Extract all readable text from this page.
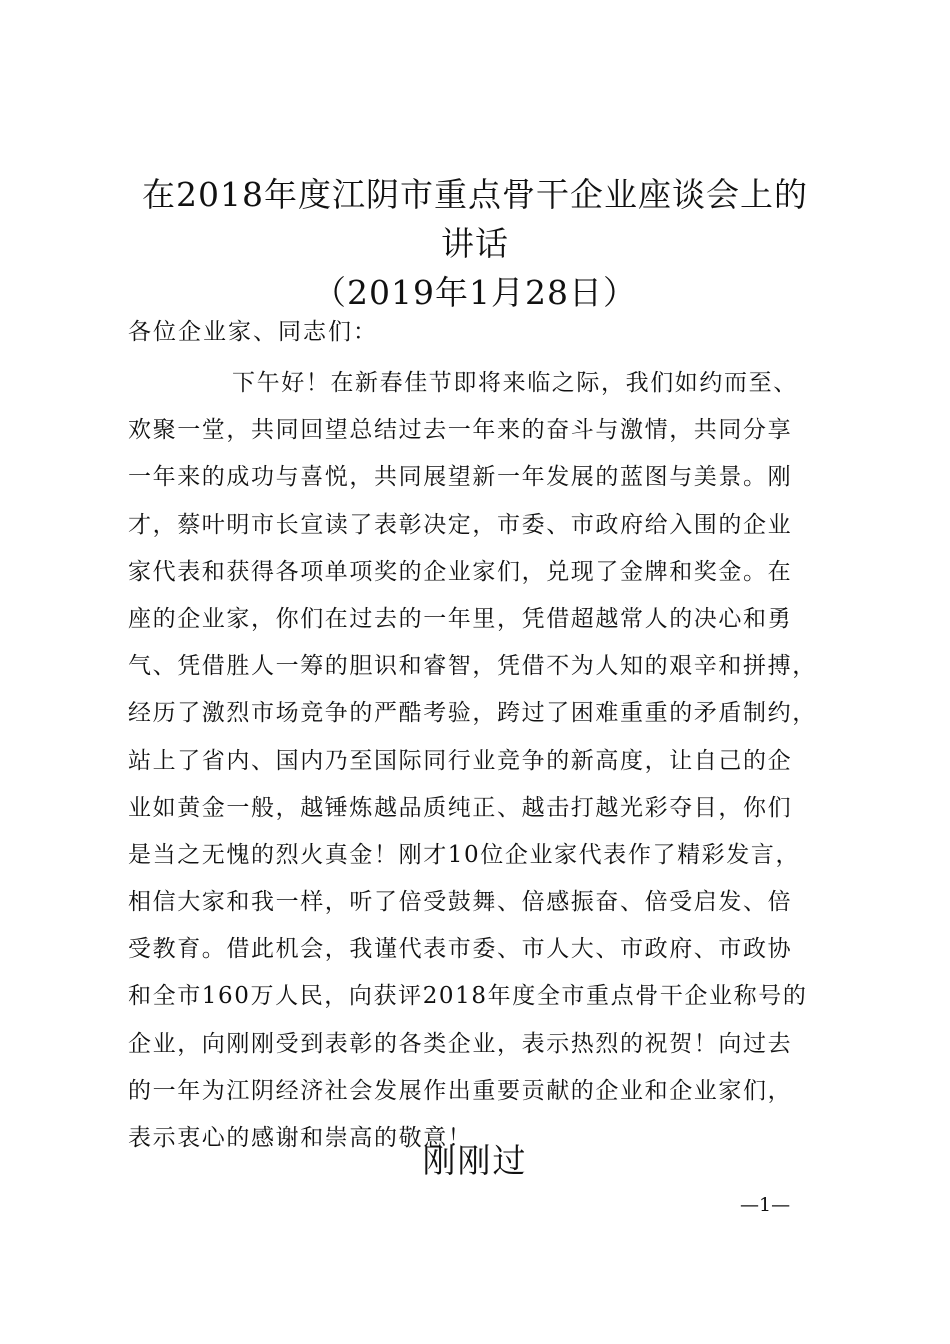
在2018年度江阴市重点骨干企业座谈会上的
讲话
（2019年1月28日）
各位企业家、同志们：
下午好！在新春佳节即将来临之际，我们如约而至、
欢聚一堂，共同回望总结过去一年来的奋斗与激情，共同分享
一年来的成功与喜悦，共同展望新一年发展的蓝图与美景。刚
才，蔡叶明市长宣读了表彰决定，市委、市政府给入围的企业
家代表和获得各项单项奖的企业家们，兑现了金牌和奖金。在
座的企业家，你们在过去的一年里，凭借超越常人的决心和勇
气、凭借胜人一筹的胆识和睿智，凭借不为人知的艰辛和拼搏，
经历了激烈市场竞争的严酷考验，跨过了困难重重的矛盾制约，
站上了省内、国内乃至国际同行业竞争的新高度，让自己的企
业如黄金一般，越锤炼越品质纯正、越击打越光彩夺目，你们
是当之无愧的烈火真金！刚才10位企业家代表作了精彩发言，
相信大家和我一样，听了倍受鼓舞、倍感振奋、倍受启发、倍
受教育。借此机会，我谨代表市委、市人大、市政府、市政协
和全市160万人民，向获评2018年度全市重点骨干企业称号的
企业，向刚刚受到表彰的各类企业，表示热烈的祝贺！向过去
的一年为江阴经济社会发展作出重要贡献的企业和企业家们，
表示衷心的感谢和崇高的敬意！
刚刚过
—1—
